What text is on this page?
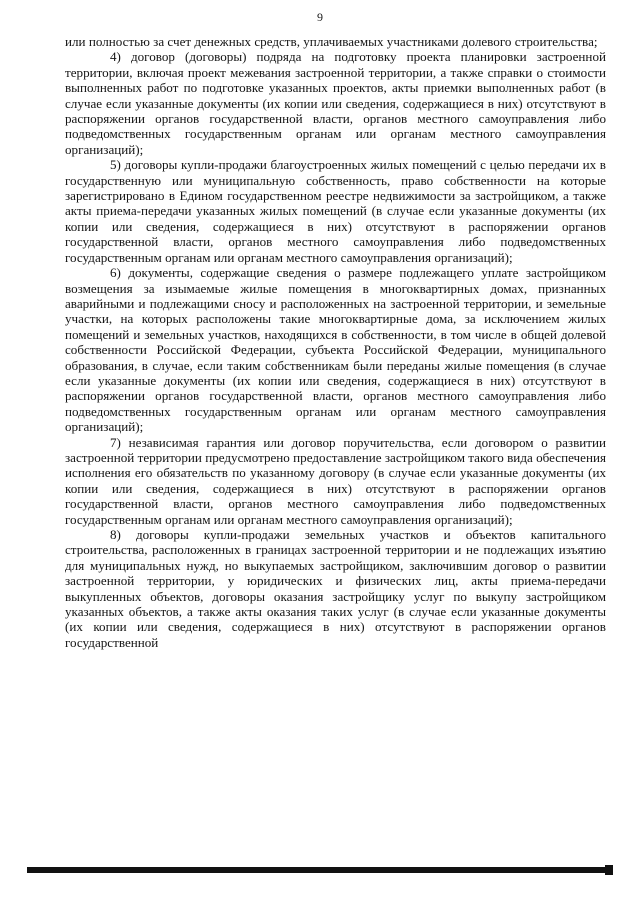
9

или полностью за счет денежных средств, уплачиваемых участниками долевого строительства;

4) договор (договоры) подряда на подготовку проекта планировки застроенной территории, включая проект межевания застроенной территории, а также справки о стоимости выполненных работ по подготовке указанных проектов, акты приемки выполненных работ (в случае если указанные документы (их копии или сведения, содержащиеся в них) отсутствуют в распоряжении органов государственной власти, органов местного самоуправления либо подведомственных государственным органам или органам местного самоуправления организаций);

5) договоры купли-продажи благоустроенных жилых помещений с целью передачи их в государственную или муниципальную собственность, право собственности на которые зарегистрировано в Едином государственном реестре недвижимости за застройщиком, а также акты приема-передачи указанных жилых помещений (в случае если указанные документы (их копии или сведения, содержащиеся в них) отсутствуют в распоряжении органов государственной власти, органов местного самоуправления либо подведомственных государственным органам или органам местного самоуправления организаций);

6) документы, содержащие сведения о размере подлежащего уплате застройщиком возмещения за изымаемые жилые помещения в многоквартирных домах, признанных аварийными и подлежащими сносу и расположенных на застроенной территории, и земельные участки, на которых расположены такие многоквартирные дома, за исключением жилых помещений и земельных участков, находящихся в собственности, в том числе в общей долевой собственности Российской Федерации, субъекта Российской Федерации, муниципального образования, в случае, если таким собственникам были переданы жилые помещения (в случае если указанные документы (их копии или сведения, содержащиеся в них) отсутствуют в распоряжении органов государственной власти, органов местного самоуправления либо подведомственных государственным органам или органам местного самоуправления организаций);

7) независимая гарантия или договор поручительства, если договором о развитии застроенной территории предусмотрено предоставление застройщиком такого вида обеспечения исполнения его обязательств по указанному договору (в случае если указанные документы (их копии или сведения, содержащиеся в них) отсутствуют в распоряжении органов государственной власти, органов местного самоуправления либо подведомственных государственным органам или органам местного самоуправления организаций);

8) договоры купли-продажи земельных участков и объектов капитального строительства, расположенных в границах застроенной территории и не подлежащих изъятию для муниципальных нужд, но выкупаемых застройщиком, заключившим договор о развитии застроенной территории, у юридических и физических лиц, акты приема-передачи выкупленных объектов, договоры оказания застройщику услуг по выкупу застройщиком указанных объектов, а также акты оказания таких услуг (в случае если указанные документы (их копии или сведения, содержащиеся в них) отсутствуют в распоряжении органов государственной
